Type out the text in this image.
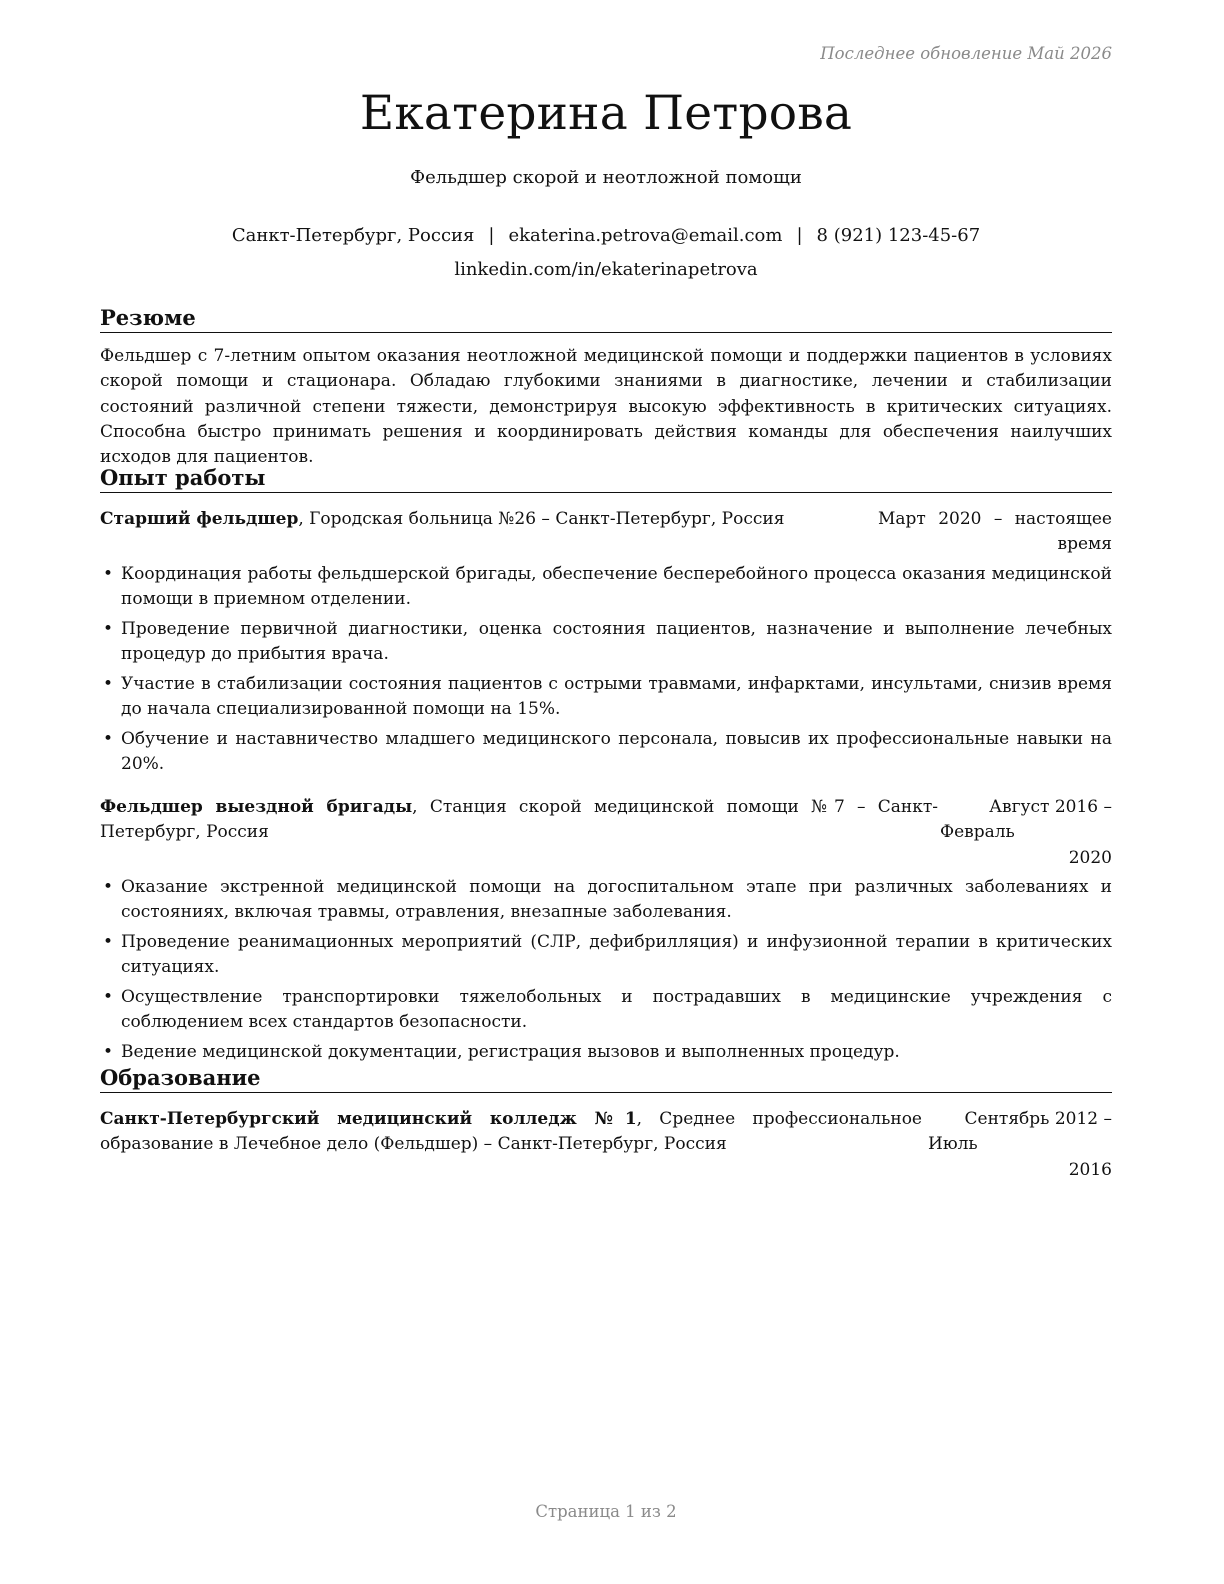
Последнее обновление Май 2026
Екатерина Петрова
Фельдшер скорой и неотложной помощи
Санкт-Петербург, Россия | ekaterina.petrova@email.com | 8 (921) 123-45-67
linkedin.com/in/ekaterinapetrova
Резюме

Фельдшер с 7-летним опытом оказания неотложной медицинской помощи и поддержки пациентов в условиях скорой помощи и стационара. Обладаю глубокими знаниями в диагностике, лечении и стабилизации состояний различной степени тяжести, демонстрируя высокую эффективность в критических ситуациях. Способна быстро принимать решения и координировать действия команды для обеспечения наилучших исходов для пациентов.

Опыт работы
Старший фельдшер, Городская больница №26 – Санкт-Петербург, Россия	Март 2020 – настоящее
время
• Координация работы фельдшерской бригады, обеспечение бесперебойного процесса оказания медицинской помощи в приемном отделении.
• Проведение первичной диагностики, оценка состояния пациентов, назначение и выполнение лечебных процедур до прибытия врача.
• Участие в стабилизации состояния пациентов с острыми травмами, инфарктами, инсультами, снизив время до начала специализированной помощи на 15%.
• Обучение и наставничество младшего медицинского персонала, повысив их профессиональные навыки на 20%.
Фельдшер выездной бригады, Станция скорой медицинской помощи №7 – Санкт-Петербург, Россия
Август 2016 – Февраль
2020
• Оказание экстренной медицинской помощи на догоспитальном этапе при различных заболеваниях и состояниях, включая травмы, отравления, внезапные заболевания.
• Проведение реанимационных мероприятий (СЛР, дефибрилляция) и инфузионной терапии в критических ситуациях.
• Осуществление транспортировки тяжелобольных и пострадавших в медицинские учреждения с соблюдением всех стандартов безопасности.
• Ведение медицинской документации, регистрация вызовов и выполненных процедур.
Образование
Санкт-Петербургский медицинский колледж №1, Среднее профессиональное образование в Лечебное дело (Фельдшер) – Санкт-Петербург, Россия
Сентябрь 2012 – Июль
2016
Страница 1 из 2
